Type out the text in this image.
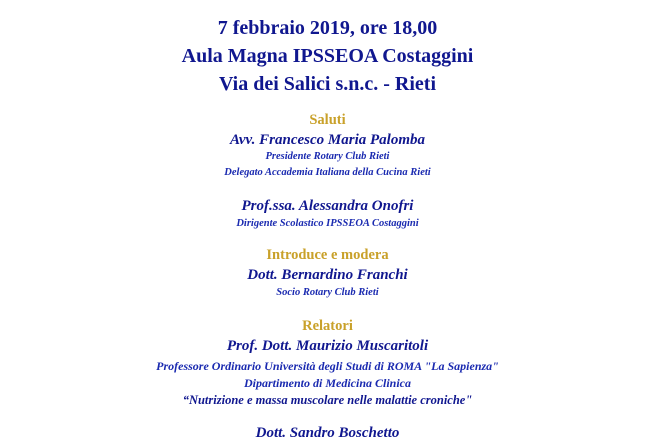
7 febbraio 2019, ore 18,00
Aula Magna IPSSEOA Costaggini
Via dei Salici s.n.c. - Rieti
Saluti
Avv. Francesco Maria Palomba
Presidente Rotary Club Rieti
Delegato Accademia Italiana della Cucina Rieti
Prof.ssa. Alessandra Onofri
Dirigente Scolastico IPSSEOA Costaggini
Introduce e modera
Dott. Bernardino Franchi
Socio Rotary Club Rieti
Relatori
Prof. Dott. Maurizio Muscaritoli
Professore Ordinario Università degli Studi di ROMA "La Sapienza"
Dipartimento di Medicina Clinica
“Nutrizione e massa muscolare nelle malattie croniche"
Dott. Sandro Boschetto
